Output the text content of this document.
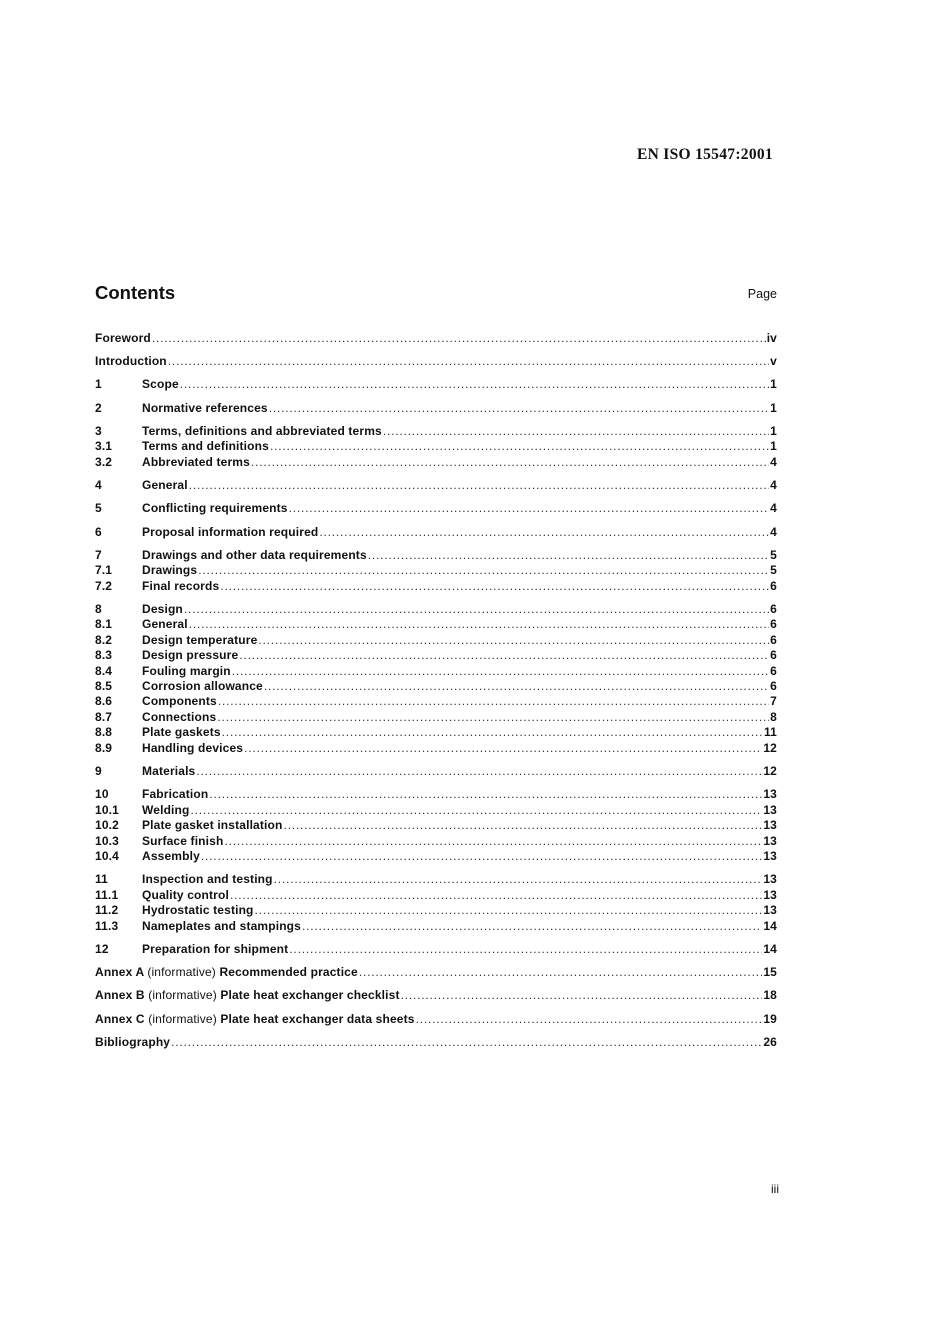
EN ISO 15547:2001
Contents	Page
Foreword .....	iv
Introduction .....	v
1	Scope .....	1
2	Normative references .....	1
3	Terms, definitions and abbreviated terms .....	1
3.1	Terms and definitions .....	1
3.2	Abbreviated terms .....	4
4	General .....	4
5	Conflicting requirements .....	4
6	Proposal information required .....	4
7	Drawings and other data requirements .....	5
7.1	Drawings .....	5
7.2	Final records .....	6
8	Design .....	6
8.1	General .....	6
8.2	Design temperature .....	6
8.3	Design pressure .....	6
8.4	Fouling margin .....	6
8.5	Corrosion allowance .....	6
8.6	Components .....	7
8.7	Connections .....	8
8.8	Plate gaskets .....	11
8.9	Handling devices .....	12
9	Materials .....	12
10	Fabrication .....	13
10.1	Welding .....	13
10.2	Plate gasket installation .....	13
10.3	Surface finish .....	13
10.4	Assembly .....	13
11	Inspection and testing .....	13
11.1	Quality control .....	13
11.2	Hydrostatic testing .....	13
11.3	Nameplates and stampings .....	14
12	Preparation for shipment .....	14
Annex A (informative) Recommended practice .....	15
Annex B (informative) Plate heat exchanger checklist .....	18
Annex C (informative) Plate heat exchanger data sheets .....	19
Bibliography .....	26
iii
